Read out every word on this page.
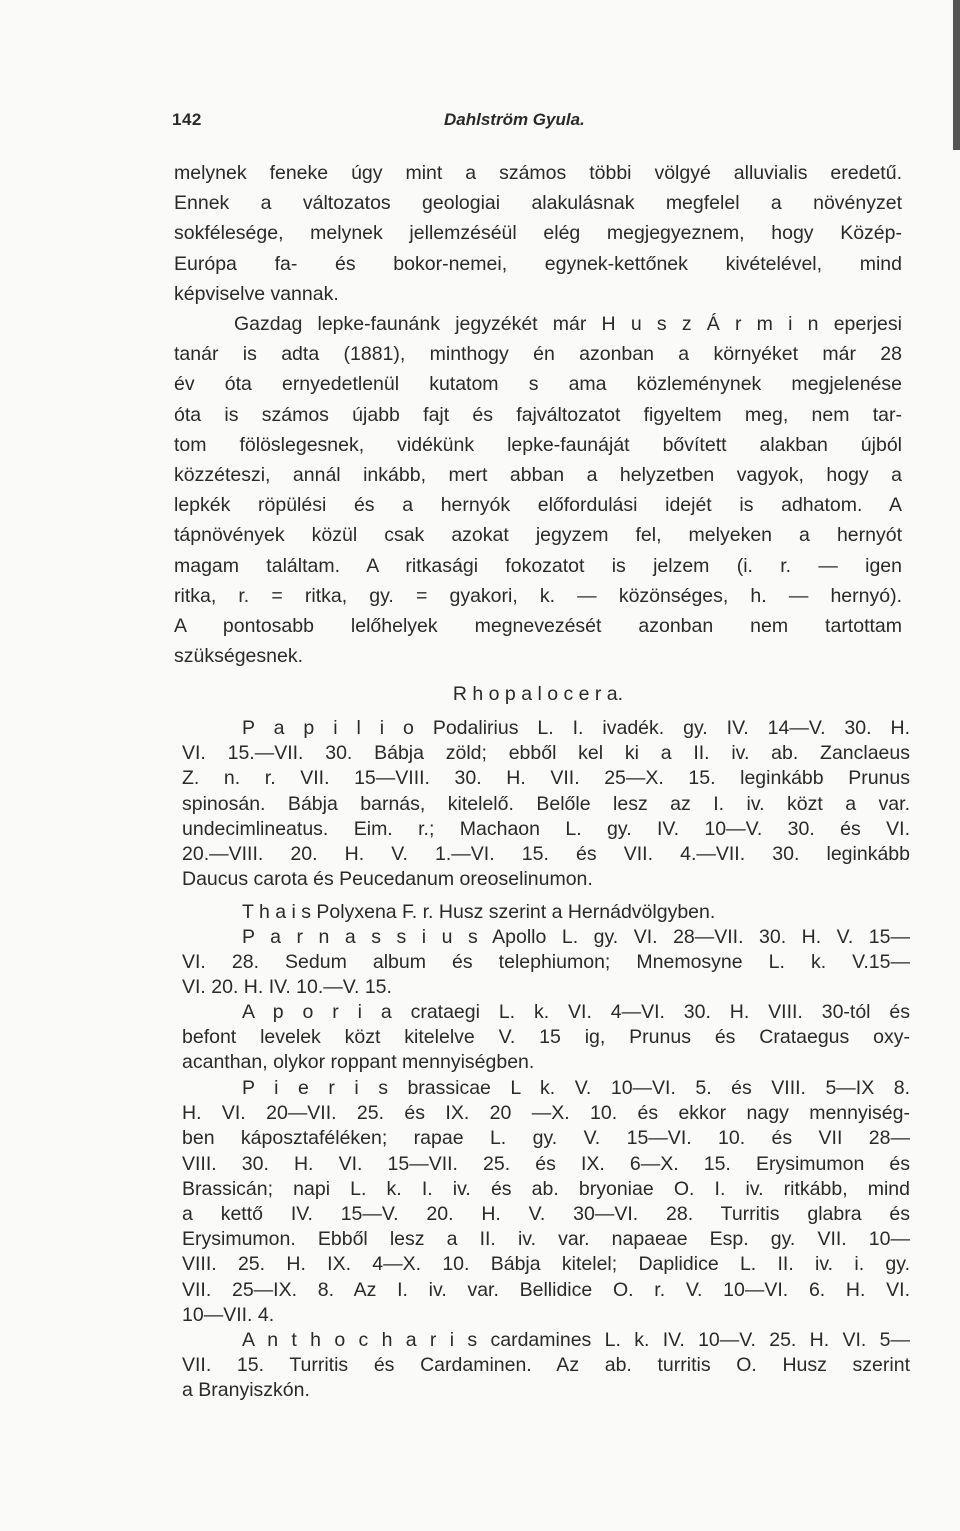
142	Dahlström Gyula.
melynek feneke úgy mint a számos többi völgyé alluvialis eredetű.
Ennek a változatos geologiai alakulásnak megfelel a növényzet
sokfélesége, melynek jellemzéséül elég megjegyeznem, hogy Közép-
Európa fa- és bokor-nemei, egynek-kettőnek kivételével, mind
képviselve vannak.
Gazdag lepke-faunánk jegyzékét már H u s z Á r m i n eperjesi
tanár is adta (1881), minthogy én azonban a környéket már 28
év óta ernyedetlenül kutatom s ama közleménynek megjelenése
óta is számos újabb fajt és fajváltozatot figyeltem meg, nem tar-
tom fölöslegesnek, vidékünk lepke-faunáját bővített alakban újból
közzéteszi, annál inkább, mert abban a helyzetben vagyok, hogy a
lepkék röpülési és a hernyók előfordulási idejét is adhatom. A
tápnövények közül csak azokat jegyzem fel, melyeken a hernyót
magam találtam. A ritkasági fokozatot is jelzem (i. r. — igen
ritka, r. = ritka, gy. = gyakori, k. — közönséges, h. — hernyó).
A pontosabb lelőhelyek megnevezését azonban nem tartottam
szükségesnek.
R h o p a l o c e r a.
P a p i l i o Podalirius L. I. ivadék. gy. IV. 14—V. 30. H.
VI. 15.—VII. 30. Bábja zöld; ebből kel ki a II. iv. ab. Zanclaeus
Z. n. r. VII. 15—VIII. 30. H. VII. 25—X. 15. leginkább Prunus
spinosán. Bábja barnás, kitelelő. Belőle lesz az I. iv. közt a var.
undecimlineatus. Eim. r.; Machaon L. gy. IV. 10—V. 30. és VI.
20.—VIII. 20. H. V. 1.—VI. 15. és VII. 4.—VII. 30. leginkább
Daucus carota és Peucedanum oreoselinumon.
T h a i s Polyxena F. r. Husz szerint a Hernádvölgyben.
P a r n a s s i u s Apollo L. gy. VI. 28—VII. 30. H. V. 15—
VI. 28. Sedum album és telephiumon; Mnemosyne L. k. V.15—
VI. 20. H. IV. 10.—V. 15.
A p o r i a crataegi L. k. VI. 4—VI. 30. H. VIII. 30-tól és
befont levelek közt kitelelve V. 15 ig, Prunus és Crataegus oxy-
acanthan, olykor roppant mennyiségben.
P i e r i s brassicae L k. V. 10—VI. 5. és VIII. 5—IX 8.
H. VI. 20—VII. 25. és IX. 20 —X. 10. és ekkor nagy mennyiség-
ben káposztaféléken; rapae L. gy. V. 15—VI. 10. és VII 28—
VIII. 30. H. VI. 15—VII. 25. és IX. 6—X. 15. Erysimumon és
Brassicán; napi L. k. I. iv. és ab. bryoniae O. I. iv. ritkább, mind
a kettő IV. 15—V. 20. H. V. 30—VI. 28. Turritis glabra és
Erysimumon. Ebből lesz a II. iv. var. napaeae Esp. gy. VII. 10—
VIII. 25. H. IX. 4—X. 10. Bábja kitelel; Daplidice L. II. iv. i. gy.
VII. 25—IX. 8. Az I. iv. var. Bellidice O. r. V. 10—VI. 6. H. VI.
10—VII. 4.
A n t h o c h a r i s cardamines L. k. IV. 10—V. 25. H. VI. 5—
VII. 15. Turritis és Cardaminen. Az ab. turritis O. Husz szerint
a Branyiszkón.
